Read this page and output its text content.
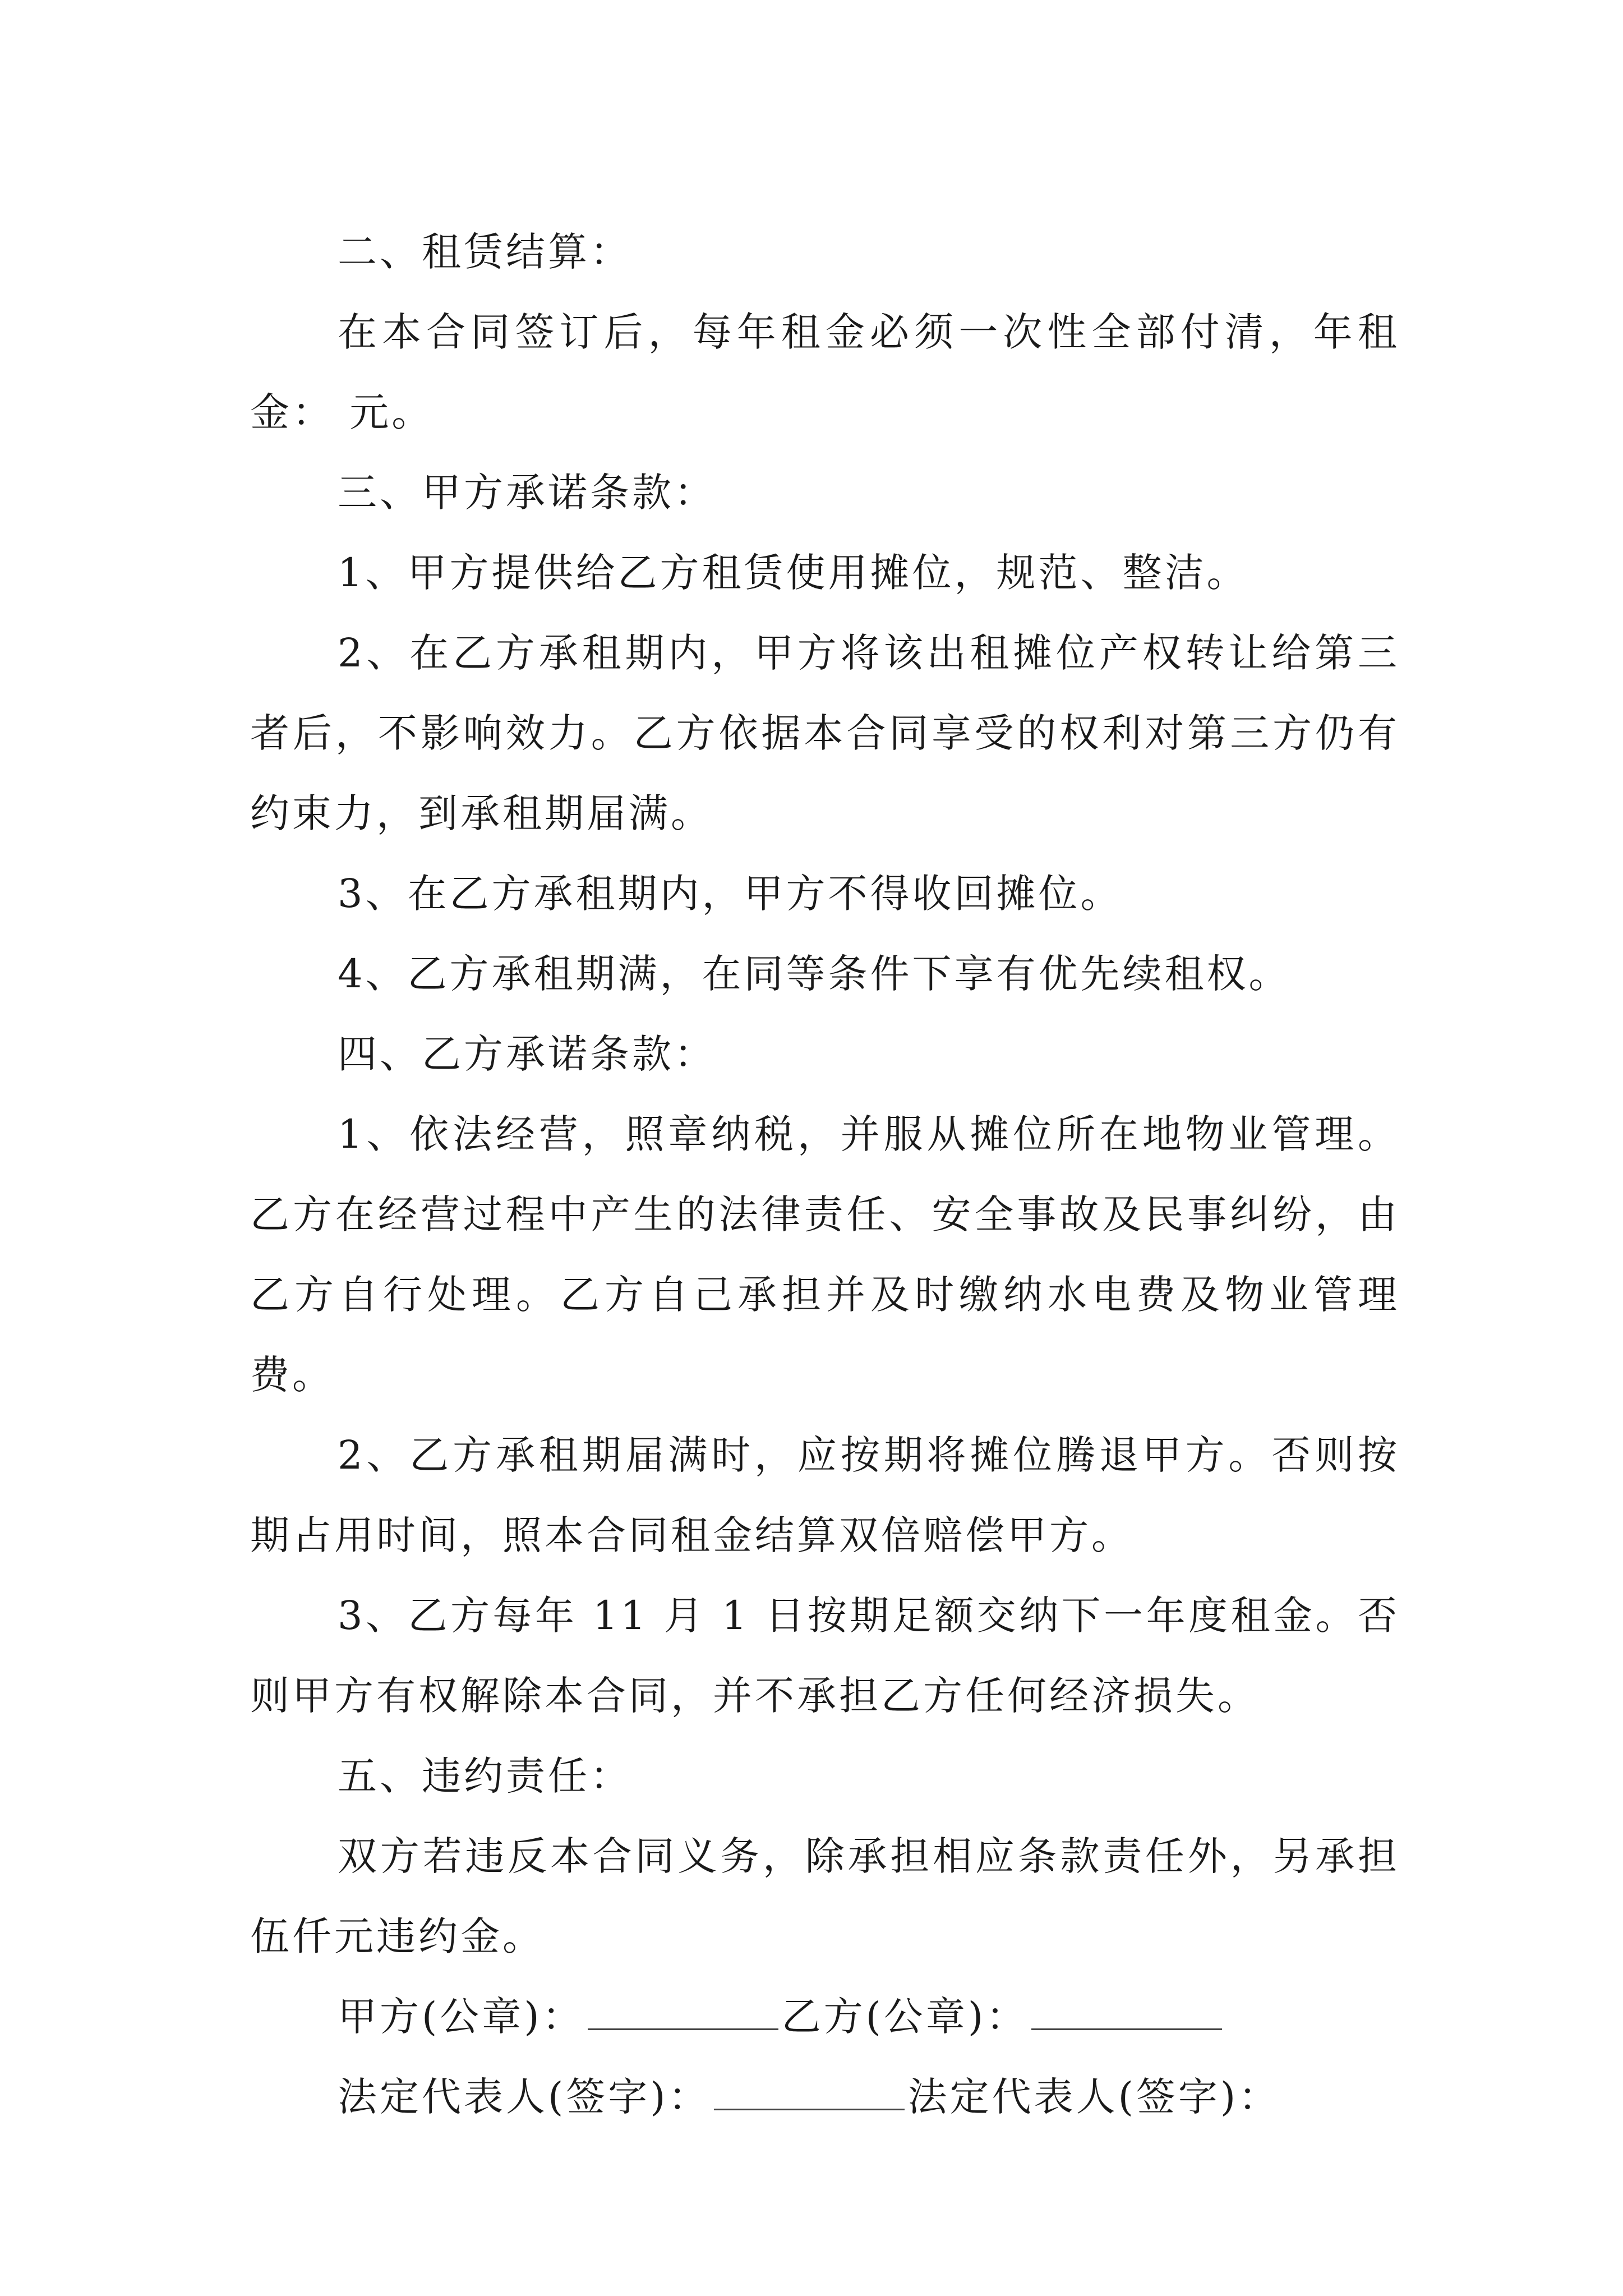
二、租赁结算：

在本合同签订后，每年租金必须一次性全部付清，年租金： 元。

三、甲方承诺条款：

1、甲方提供给乙方租赁使用摊位，规范、整洁。

2、在乙方承租期内，甲方将该出租摊位产权转让给第三者后，不影响效力。乙方依据本合同享受的权利对第三方仍有约束力，到承租期届满。

3、在乙方承租期内，甲方不得收回摊位。

4、乙方承租期满，在同等条件下享有优先续租权。

四、乙方承诺条款：

1、依法经营，照章纳税，并服从摊位所在地物业管理。乙方在经营过程中产生的法律责任、安全事故及民事纠纷，由乙方自行处理。乙方自己承担并及时缴纳水电费及物业管理费。

2、乙方承租期届满时，应按期将摊位腾退甲方。否则按期占用时间，照本合同租金结算双倍赔偿甲方。

3、乙方每年 11 月 1 日按期足额交纳下一年度租金。否则甲方有权解除本合同，并不承担乙方任何经济损失。

五、违约责任：

双方若违反本合同义务，除承担相应条款责任外，另承担伍仟元违约金。

甲方(公章)：	乙方(公章)：
法定代表人(签字)：	法定代表人(签字)：
